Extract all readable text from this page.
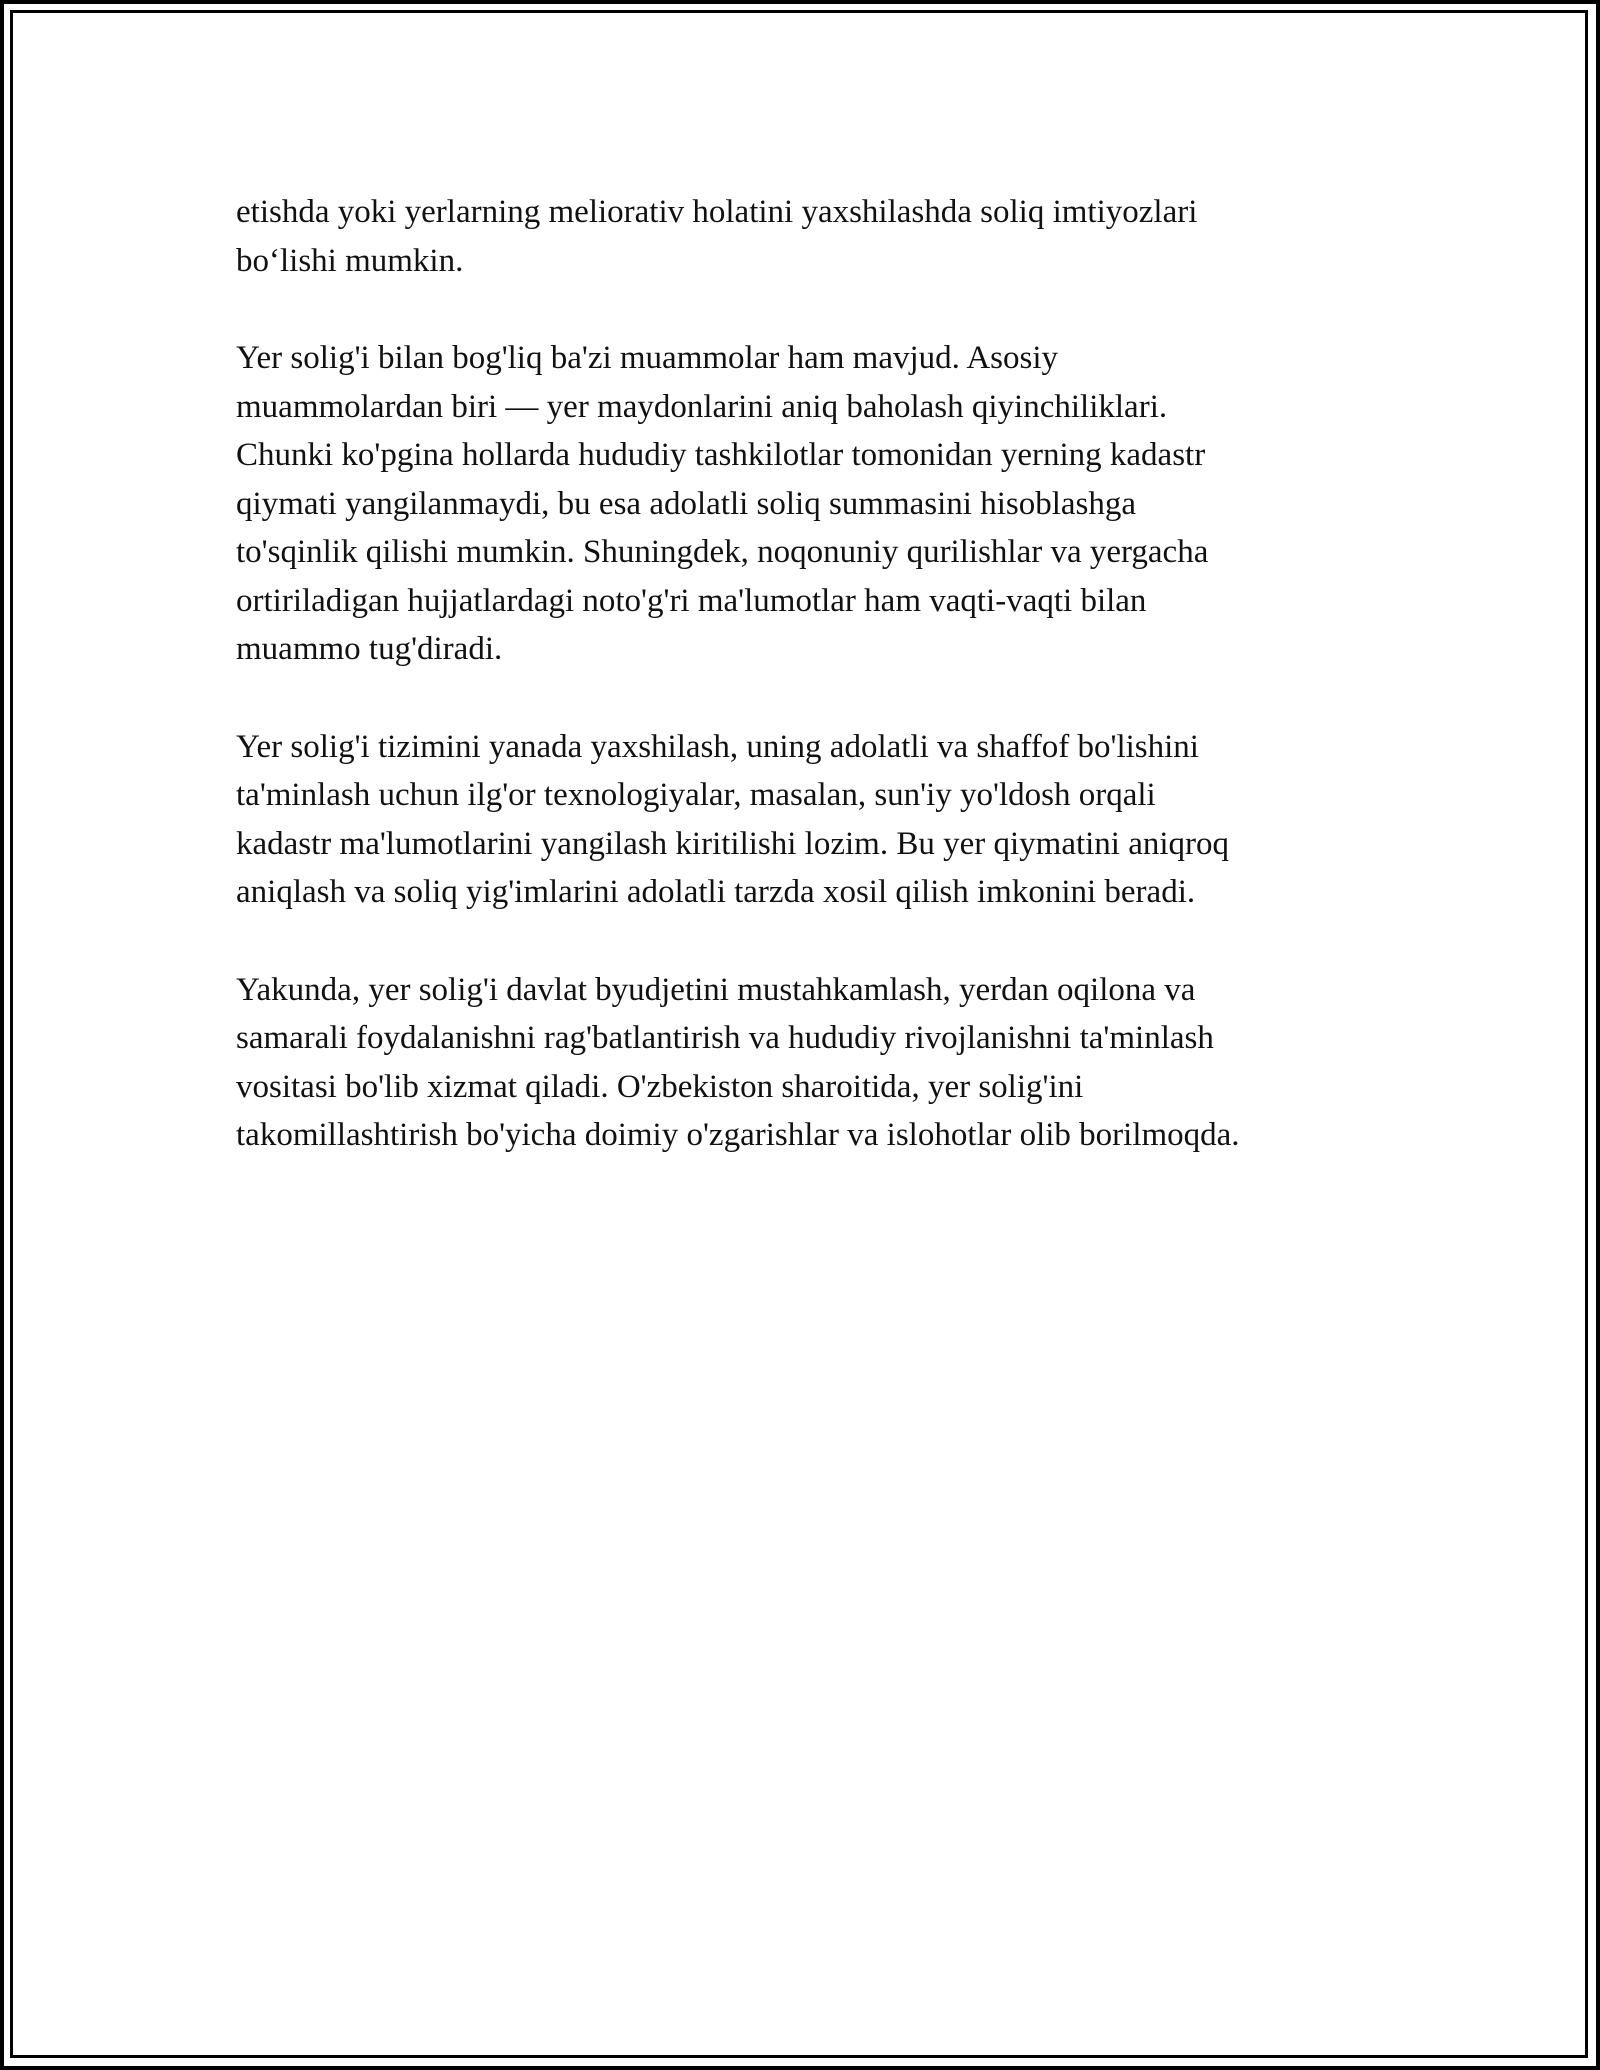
etishda yoki yerlarning meliorativ holatini yaxshilashda soliq imtiyozlari
bo‘lishi mumkin.

Yer solig'i bilan bog'liq ba'zi muammolar ham mavjud. Asosiy
muammolardan biri — yer maydonlarini aniq baholash qiyinchiliklari.
Chunki ko'pgina hollarda hududiy tashkilotlar tomonidan yerning kadastr
qiymati yangilanmaydi, bu esa adolatli soliq summasini hisoblashga
to'sqinlik qilishi mumkin. Shuningdek, noqonuniy qurilishlar va yergacha
ortiriladigan hujjatlardagi noto'g'ri ma'lumotlar ham vaqti-vaqti bilan
muammo tug'diradi.

Yer solig'i tizimini yanada yaxshilash, uning adolatli va shaffof bo'lishini
ta'minlash uchun ilg'or texnologiyalar, masalan, sun'iy yo'ldosh orqali
kadastr ma'lumotlarini yangilash kiritilishi lozim. Bu yer qiymatini aniqroq
aniqlash va soliq yig'imlarini adolatli tarzda xosil qilish imkonini beradi.

Yakunda, yer solig'i davlat byudjetini mustahkamlash, yerdan oqilona va
samarali foydalanishni rag'batlantirish va hududiy rivojlanishni ta'minlash
vositasi bo'lib xizmat qiladi. O'zbekiston sharoitida, yer solig'ini
takomillashtirish bo'yicha doimiy o'zgarishlar va islohotlar olib borilmoqda.
